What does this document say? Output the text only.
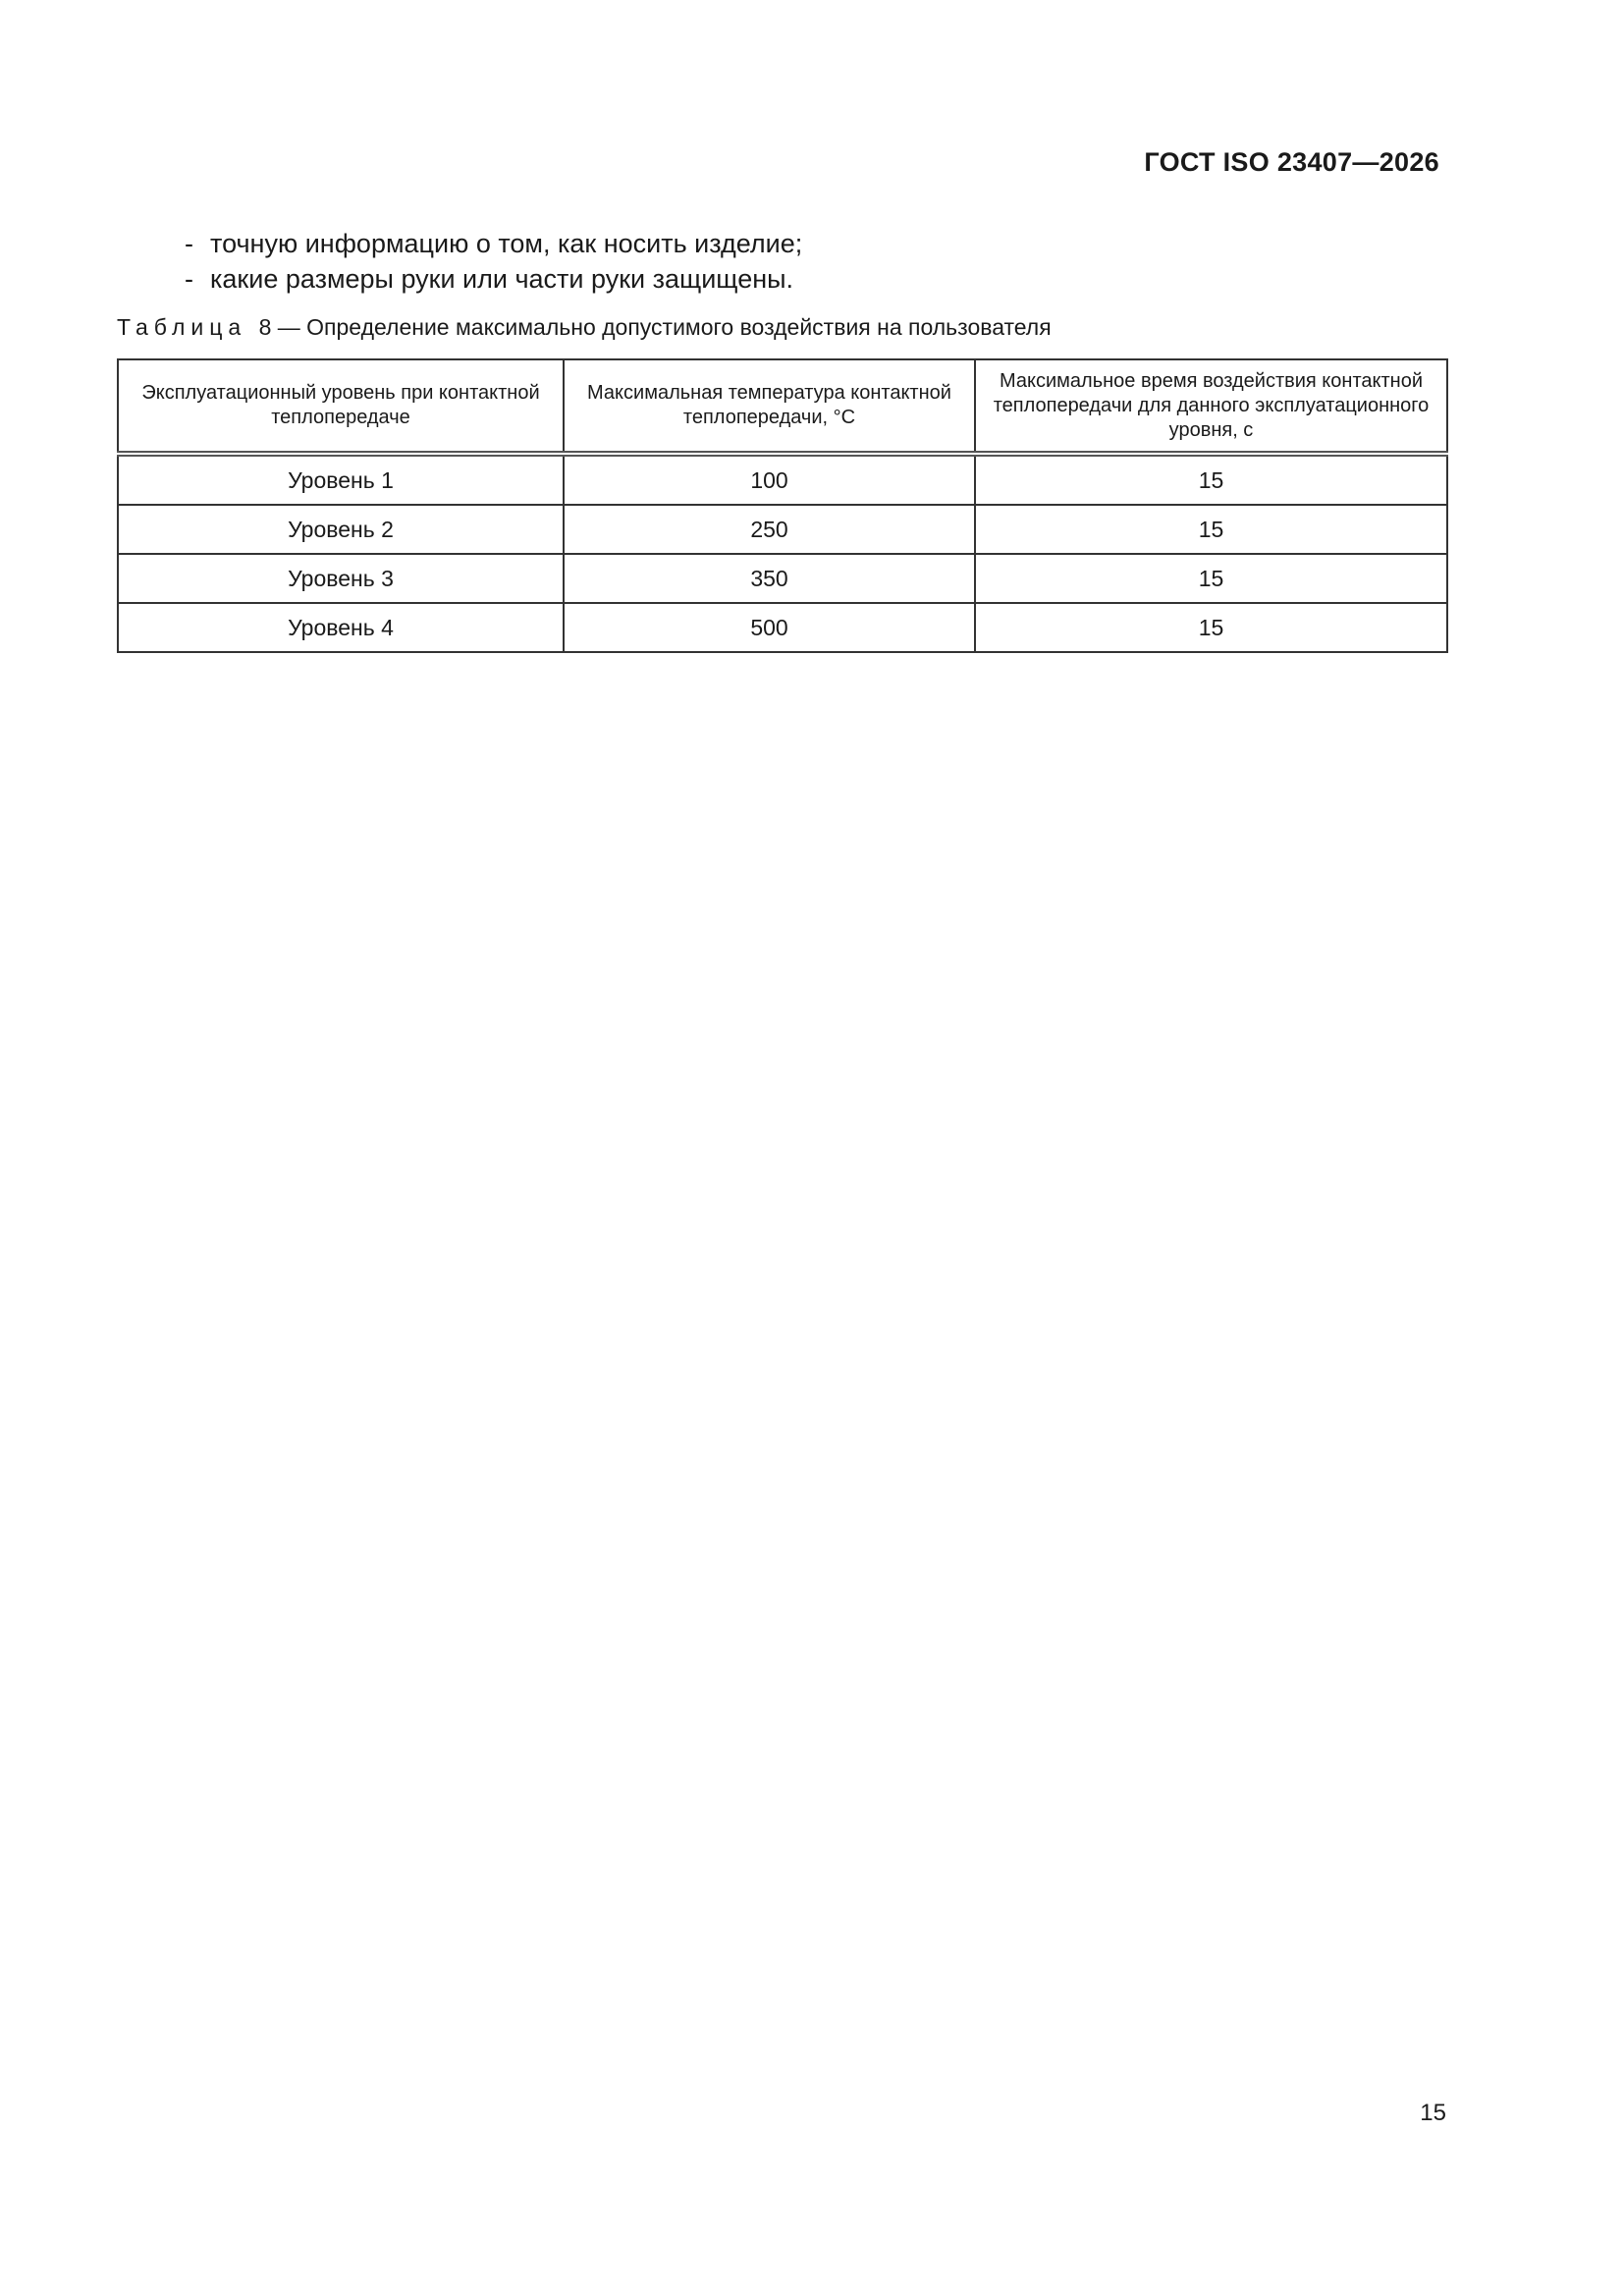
ГОСТ ISO 23407—2026
- точную информацию о том, как носить изделие;
- какие размеры руки или части руки защищены.
Таблица 8 — Определение максимально допустимого воздействия на пользователя
Эксплуатационный уровень при контактной теплопередаче	Максимальная температура контактной теплопередачи, °С	Максимальное время воздействия контактной теплопередачи для данного эксплуатационного уровня, с
Уровень 1	100	15
Уровень 2	250	15
Уровень 3	350	15
Уровень 4	500	15
15
